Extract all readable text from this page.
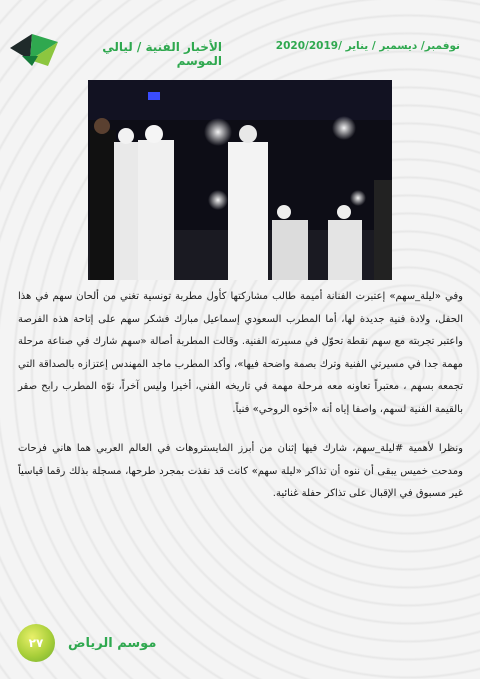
الأخبار الفنية / ليالي الموسم
نوفمبر/ ديسمبر / يناير /2020/2019

وفي «ليلة_سهم» إعتبرت الفنانة أميمة طالب مشاركتها كأول مطربة تونسية تغني من ألحان سهم في هذا الحفل، ولادة فنية جديدة لها، أما المطرب السعودي إسماعيل مبارك فشكر سهم على إتاحة هذه الفرصة واعتبر تجربته مع سهم نقطة تحوّل في مسيرته الفنية. وقالت المطربة أصالة «سهم شارك في صناعة مرحلة مهمة جدا في مسيرتي الفنية وترك بصمة واضحة فيها»، وأكد المطرب ماجد المهندس إعتزازه بالصداقة التي تجمعه بسهم ، معتبراً تعاونه معه مرحلة مهمة في تاريخه الفني، أخيرا وليس آخراً، نوّه المطرب رابح صقر بالقيمة الفنية لسهم، واصفا إياه أنه «أخوه الروحي» فنياً.

ونظرا لأهمية #ليلة_سهم، شارك فيها إثنان من أبرز المايستروهات في العالم العربي هما هاني فرحات ومدحت خميس يبقى أن ننوه أن تذاكر «ليلة سهم» كانت قد نفذت بمجرد طرحها، مسجلة بذلك رقما قياسياً غير مسبوق في الإقبال على تذاكر حفلة غنائية.

٢٧	موسم الرياض
